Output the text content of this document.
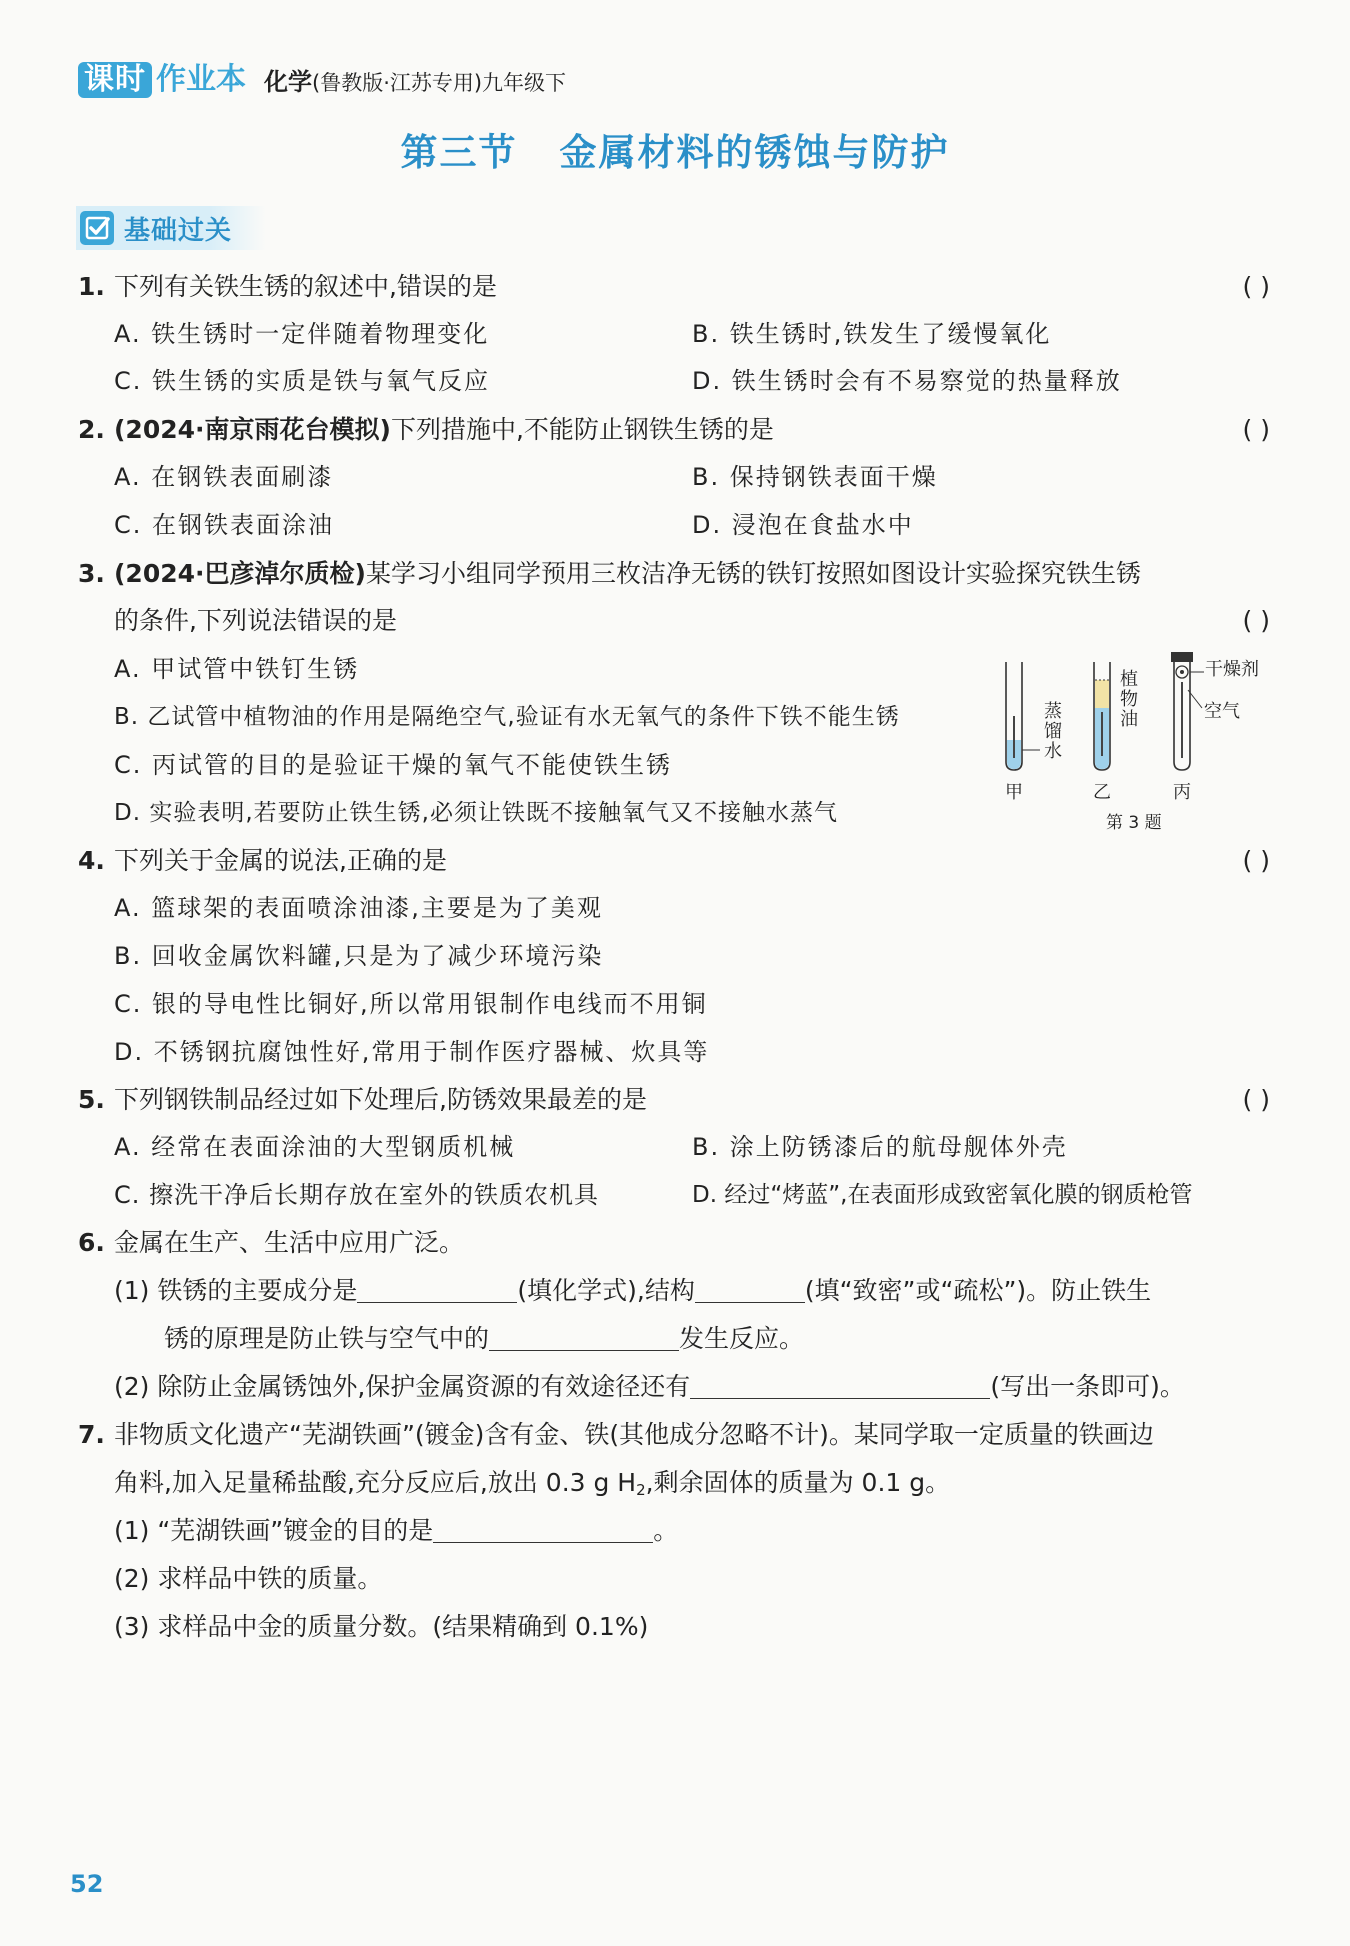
课时 作业本 化学(鲁教版·江苏专用)九年级下
第三节 金属材料的锈蚀与防护
基础过关
1. 下列有关铁生锈的叙述中,错误的是	( )
A. 铁生锈时一定伴随着物理变化	B. 铁生锈时,铁发生了缓慢氧化
C. 铁生锈的实质是铁与氧气反应	D. 铁生锈时会有不易察觉的热量释放
2. (2024·南京雨花台模拟)下列措施中,不能防止钢铁生锈的是	( )
A. 在钢铁表面刷漆	B. 保持钢铁表面干燥
C. 在钢铁表面涂油	D. 浸泡在食盐水中
3. (2024·巴彦淖尔质检)某学习小组同学预用三枚洁净无锈的铁钉按照如图设计实验探究铁生锈
的条件,下列说法错误的是	( )
A. 甲试管中铁钉生锈
B. 乙试管中植物油的作用是隔绝空气,验证有水无氧气的条件下铁不能生锈
C. 丙试管的目的是验证干燥的氧气不能使铁生锈
D. 实验表明,若要防止铁生锈,必须让铁既不接触氧气又不接触水蒸气
蒸馏水
植物油
干燥剂
空气
甲	乙	丙
第 3 题
4. 下列关于金属的说法,正确的是	( )
A. 篮球架的表面喷涂油漆,主要是为了美观
B. 回收金属饮料罐,只是为了减少环境污染
C. 银的导电性比铜好,所以常用银制作电线而不用铜
D. 不锈钢抗腐蚀性好,常用于制作医疗器械、炊具等
5. 下列钢铁制品经过如下处理后,防锈效果最差的是	( )
A. 经常在表面涂油的大型钢质机械	B. 涂上防锈漆后的航母舰体外壳
C. 擦洗干净后长期存放在室外的铁质农机具	D. 经过“烤蓝”,在表面形成致密氧化膜的钢质枪管
6. 金属在生产、生活中应用广泛。
(1) 铁锈的主要成分是	(填化学式),结构	(填“致密”或“疏松”)。防止铁生
锈的原理是防止铁与空气中的	发生反应。
(2) 除防止金属锈蚀外,保护金属资源的有效途径还有	(写出一条即可)。
7. 非物质文化遗产“芜湖铁画”(镀金)含有金、铁(其他成分忽略不计)。某同学取一定质量的铁画边
角料,加入足量稀盐酸,充分反应后,放出 0.3 g $H_2$,剩余固体的质量为 0.1 g。
(1) “芜湖铁画”镀金的目的是	。
(2) 求样品中铁的质量。
(3) 求样品中金的质量分数。(结果精确到 0.1%)
52
